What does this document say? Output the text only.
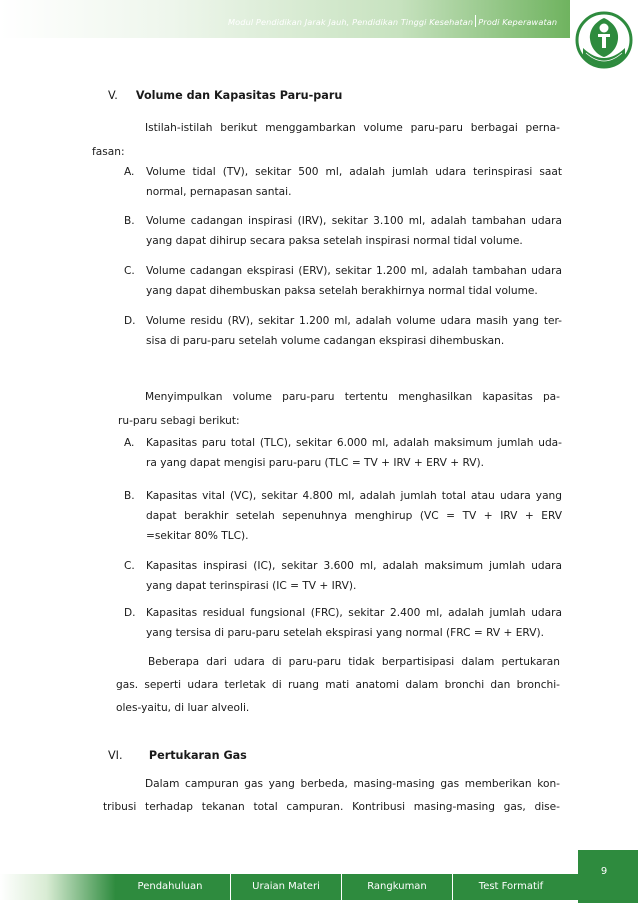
Modul Pendidikan Jarak Jauh, Pendidikan Tinggi Kesehatan Prodi Keperawatan
V. Volume dan Kapasitas Paru-paru
Istilah-istilah berikut menggambarkan volume paru-paru berbagai perna-
fasan:
A. Volume tidal (TV), sekitar 500 ml, adalah jumlah udara terinspirasi saat
normal, pernapasan santai.
B. Volume cadangan inspirasi (IRV), sekitar 3.100 ml, adalah tambahan udara
yang dapat dihirup secara paksa setelah inspirasi normal tidal volume.
C. Volume cadangan ekspirasi (ERV), sekitar 1.200 ml, adalah tambahan udara
yang dapat dihembuskan paksa setelah berakhirnya normal tidal volume.
D. Volume residu (RV), sekitar 1.200 ml, adalah volume udara masih yang ter-
sisa di paru-paru setelah volume cadangan ekspirasi dihembuskan.
Menyimpulkan volume paru-paru tertentu menghasilkan kapasitas pa-
ru-paru sebagi berikut:
A. Kapasitas paru total (TLC), sekitar 6.000 ml, adalah maksimum jumlah uda-
ra yang dapat mengisi paru-paru (TLC = TV + IRV + ERV + RV).
B. Kapasitas vital (VC), sekitar 4.800 ml, adalah jumlah total atau udara yang
dapat berakhir setelah sepenuhnya menghirup (VC = TV + IRV + ERV
=sekitar 80% TLC).
C. Kapasitas inspirasi (IC), sekitar 3.600 ml, adalah maksimum jumlah udara
yang dapat terinspirasi (IC = TV + IRV).
D. Kapasitas residual fungsional (FRC), sekitar 2.400 ml, adalah jumlah udara
yang tersisa di paru-paru setelah ekspirasi yang normal (FRC = RV + ERV).
Beberapa dari udara di paru-paru tidak berpartisipasi dalam pertukaran
gas. seperti udara terletak di ruang mati anatomi dalam bronchi dan bronchi-
oles-yaitu, di luar alveoli.
VI. Pertukaran Gas
Dalam campuran gas yang berbeda, masing-masing gas memberikan kon-
tribusi terhadap tekanan total campuran. Kontribusi masing-masing gas, dise-
Pendahuluan	Uraian Materi	Rangkuman	Test Formatif
9
